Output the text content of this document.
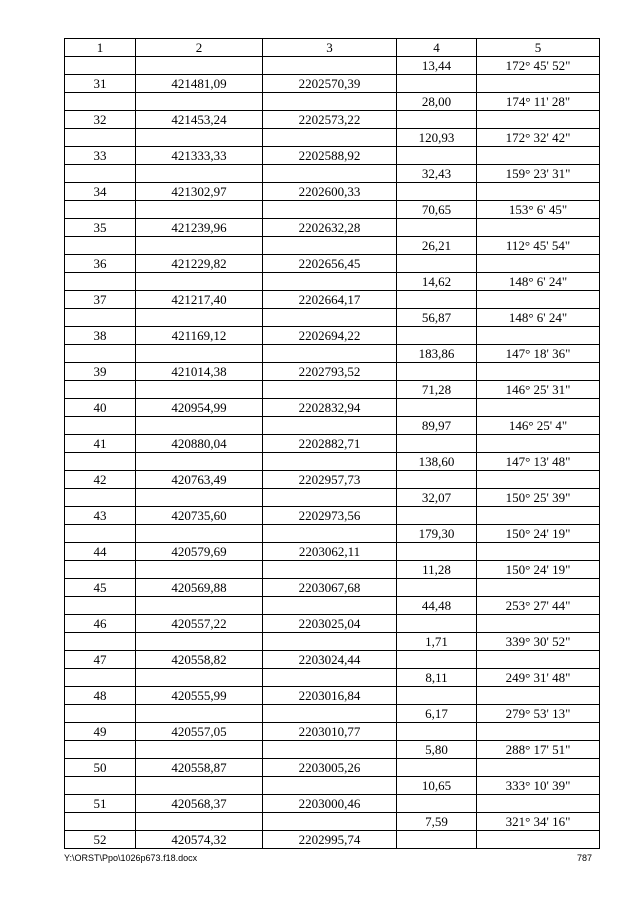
1	2	3	4	5
			13,44	172° 45' 52"
31	421481,09	2202570,39		
			28,00	174° 11' 28"
32	421453,24	2202573,22		
			120,93	172° 32' 42"
33	421333,33	2202588,92		
			32,43	159° 23' 31"
34	421302,97	2202600,33		
			70,65	153° 6' 45"
35	421239,96	2202632,28		
			26,21	112° 45' 54"
36	421229,82	2202656,45		
			14,62	148° 6' 24"
37	421217,40	2202664,17		
			56,87	148° 6' 24"
38	421169,12	2202694,22		
			183,86	147° 18' 36"
39	421014,38	2202793,52		
			71,28	146° 25' 31"
40	420954,99	2202832,94		
			89,97	146° 25' 4"
41	420880,04	2202882,71		
			138,60	147° 13' 48"
42	420763,49	2202957,73		
			32,07	150° 25' 39"
43	420735,60	2202973,56		
			179,30	150° 24' 19"
44	420579,69	2203062,11		
			11,28	150° 24' 19"
45	420569,88	2203067,68		
			44,48	253° 27' 44"
46	420557,22	2203025,04		
			1,71	339° 30' 52"
47	420558,82	2203024,44		
			8,11	249° 31' 48"
48	420555,99	2203016,84		
			6,17	279° 53' 13"
49	420557,05	2203010,77		
			5,80	288° 17' 51"
50	420558,87	2203005,26		
			10,65	333° 10' 39"
51	420568,37	2203000,46		
			7,59	321° 34' 16"
52	420574,32	2202995,74		
Y:\ORST\Ppo\1026p673.f18.docx	787
